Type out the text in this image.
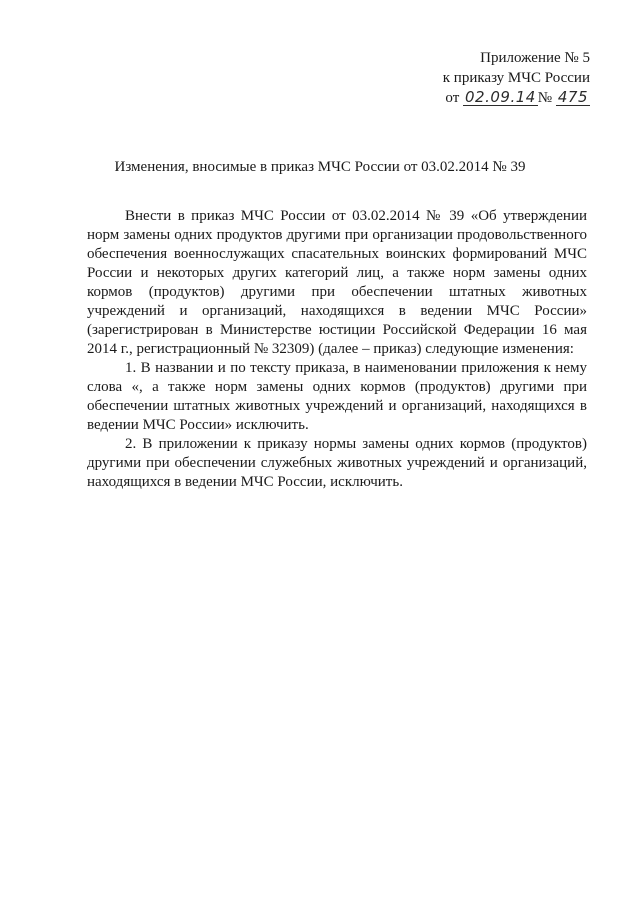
Приложение № 5
к приказу МЧС России
от 02.09.14 № 475
Изменения, вносимые в приказ МЧС России от 03.02.2014 № 39

Внести в приказ МЧС России от 03.02.2014 № 39 «Об утверждении норм замены одних продуктов другими при организации продовольственного обеспечения военнослужащих спасательных воинских формирований МЧС России и некоторых других категорий лиц, а также норм замены одних кормов (продуктов) другими при обеспечении штатных животных учреждений и организаций, находящихся в ведении МЧС России» (зарегистрирован в Министерстве юстиции Российской Федерации 16 мая 2014 г., регистрационный № 32309) (далее – приказ) следующие изменения:

1. В названии и по тексту приказа, в наименовании приложения к нему слова «, а также норм замены одних кормов (продуктов) другими при обеспечении штатных животных учреждений и организаций, находящихся в ведении МЧС России» исключить.

2. В приложении к приказу нормы замены одних кормов (продуктов) другими при обеспечении служебных животных учреждений и организаций, находящихся в ведении МЧС России, исключить.
